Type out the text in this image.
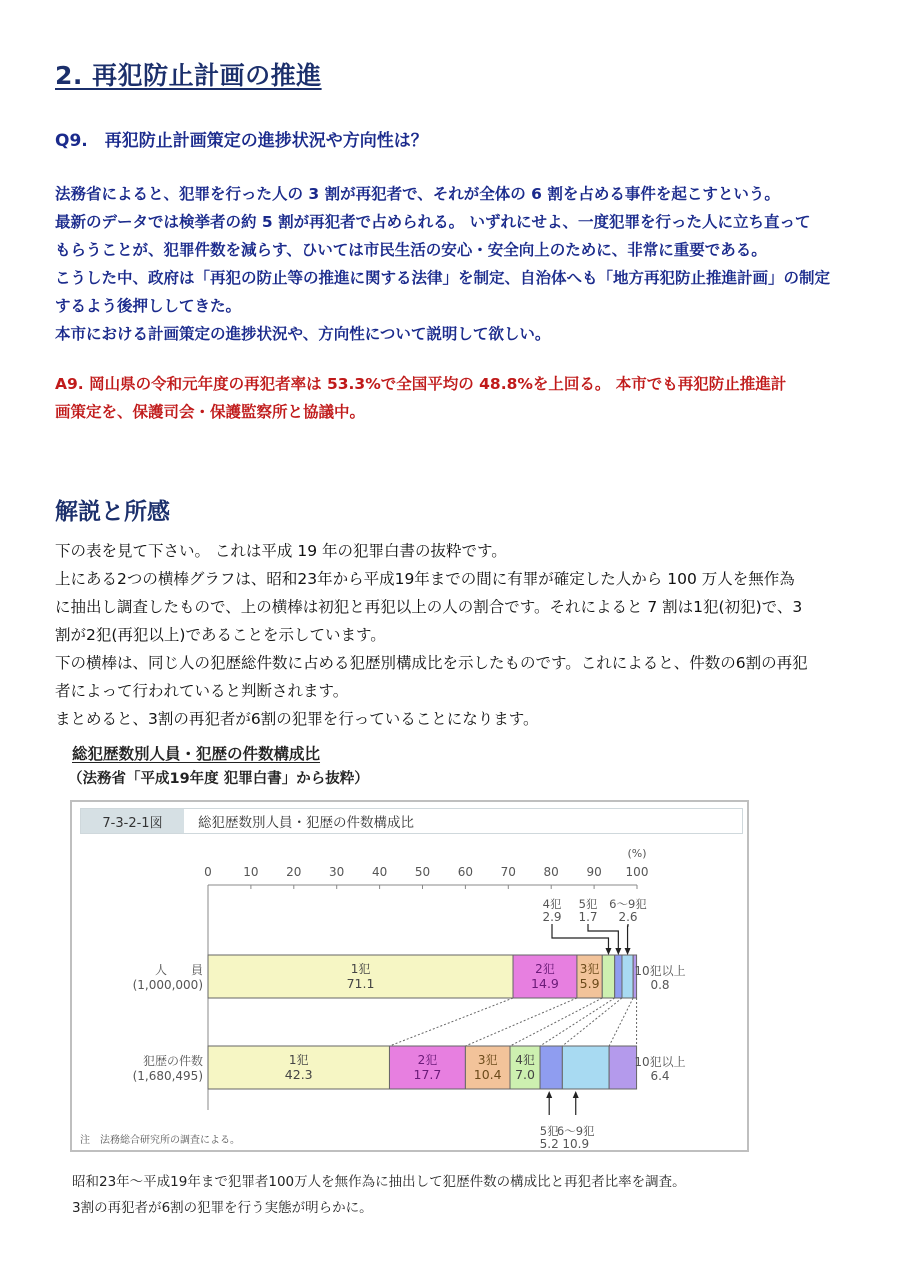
2. 再犯防止計画の推進
Q9.　再犯防止計画策定の進捗状況や方向性は？
法務省によると、犯罪を行った人の 3 割が再犯者で、それが全体の 6 割を占める事件を起こすという。
最新のデータでは検挙者の約 5 割が再犯者で占められる。 いずれにせよ、一度犯罪を行った人に立ち直って
もらうことが、犯罪件数を減らす、ひいては市民生活の安心・安全向上のために、非常に重要である。
こうした中、政府は「再犯の防止等の推進に関する法律」を制定、自治体へも「地方再犯防止推進計画」の制定
するよう後押ししてきた。
本市における計画策定の進捗状況や、方向性について説明して欲しい。
A9. 岡山県の令和元年度の再犯者率は 53.3%で全国平均の 48.8%を上回る。 本市でも再犯防止推進計
画策定を、保護司会・保護監察所と協議中。
解説と所感
下の表を見て下さい。 これは平成 19 年の犯罪白書の抜粋です。
上にある2つの横棒グラフは、昭和23年から平成19年までの間に有罪が確定した人から 100 万人を無作為
に抽出し調査したもので、上の横棒は初犯と再犯以上の人の割合です。それによると 7 割は1犯(初犯)で、3
割が2犯(再犯以上)であることを示しています。
下の横棒は、同じ人の犯歴総件数に占める犯歴別構成比を示したものです。これによると、件数の6割の再犯
者によって行われていると判断されます。
まとめると、3割の再犯者が6割の犯罪を行っていることになります。
総犯歴数別人員・犯歴の件数構成比
（法務省「平成19年度 犯罪白書」から抜粋）
7-3-2-1図	総犯歴数別人員・犯歴の件数構成比
0	10 20 30 40 50 60 70 80 90 100
(%)
人　　員
(1,000,000)
犯歴の件数
(1,680,495)
1犯
71.1
2犯
14.9
3犯
5.9
1犯
42.3
2犯
17.7
3犯
10.4
4犯
7.0
4犯
2.9
5犯
1.7
6～9犯
2.6
10犯以上
0.8
10犯以上
6.4
5犯
5.2
6～9犯
10.9
注　法務総合研究所の調査による。
昭和23年～平成19年まで犯罪者100万人を無作為に抽出して犯歴件数の構成比と再犯者比率を調査。
3割の再犯者が6割の犯罪を行う実態が明らかに。
